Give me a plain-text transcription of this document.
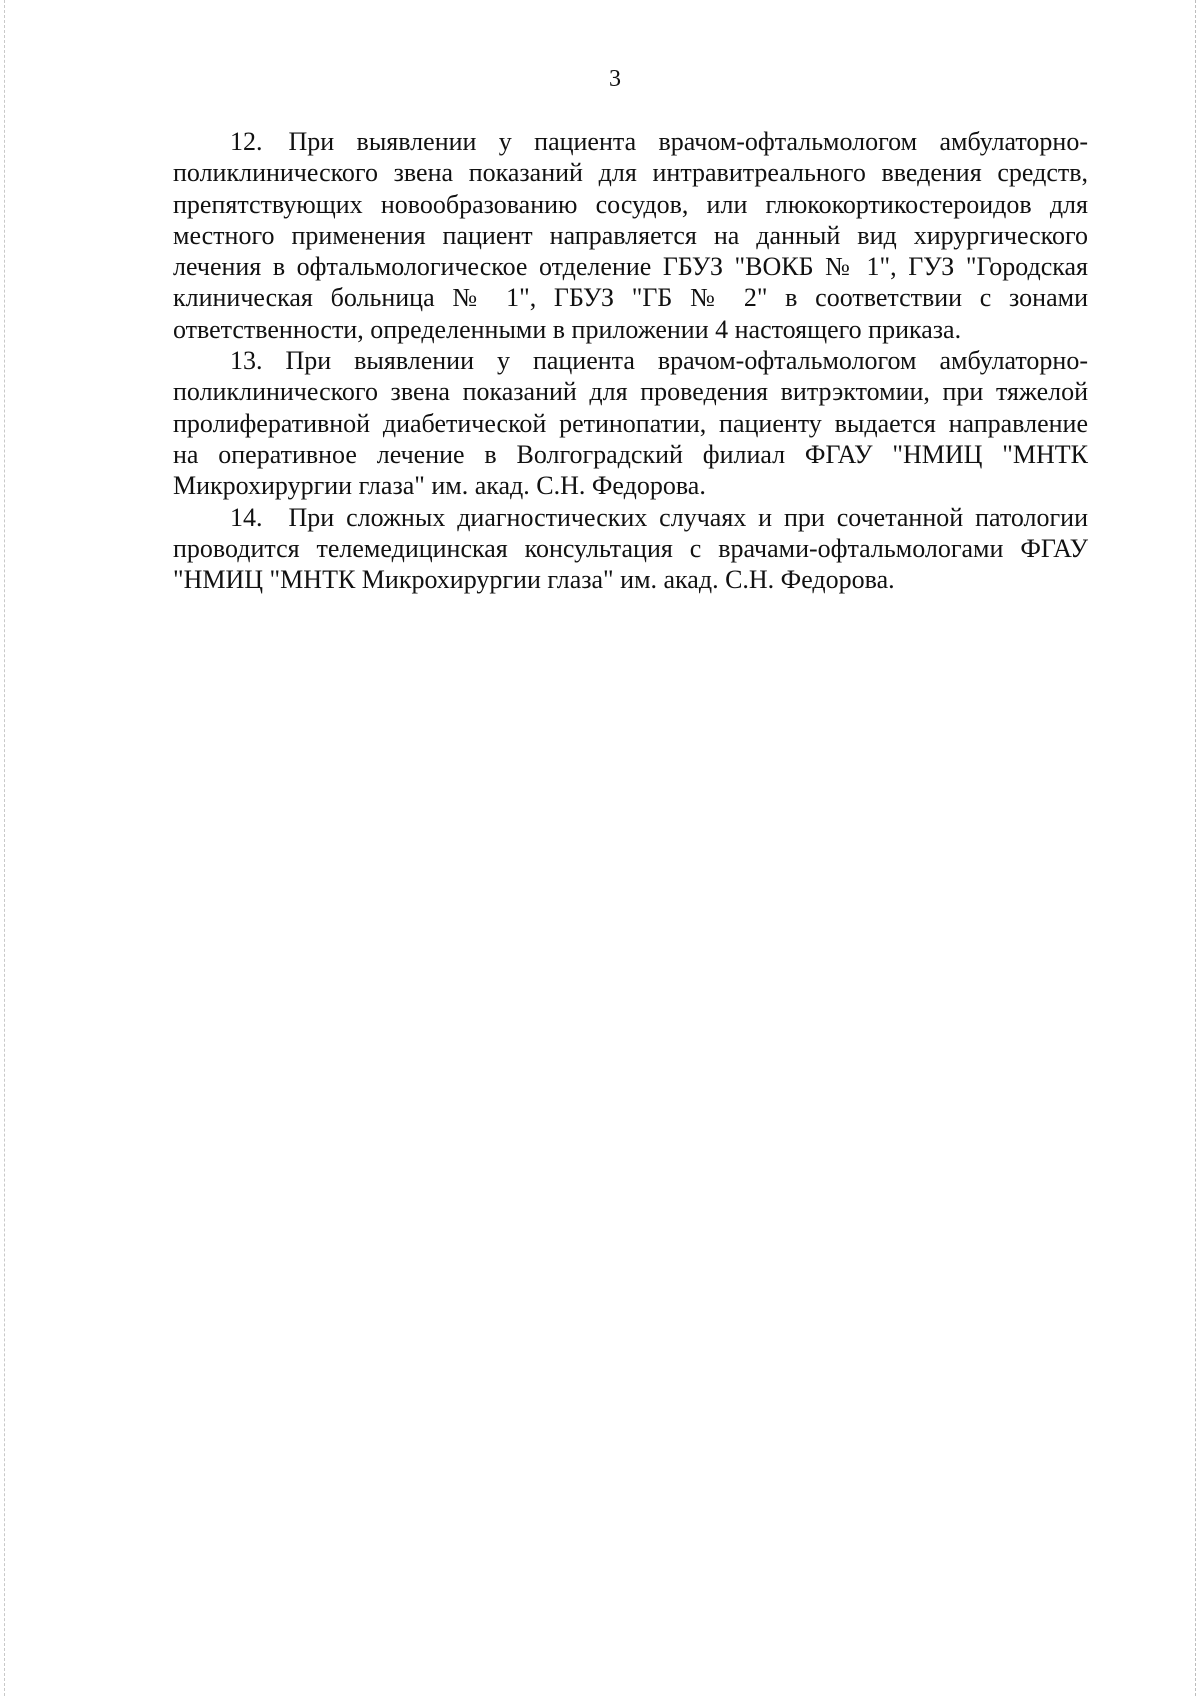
3

12. При выявлении у пациента врачом-офтальмологом амбулаторно-поликлинического звена показаний для интравитреального введения средств, препятствующих новообразованию сосудов, или глюкокортикостероидов для местного применения пациент направляется на данный вид хирургического лечения в офтальмологическое отделение ГБУЗ "ВОКБ № 1", ГУЗ "Городская клиническая больница № 1", ГБУЗ "ГБ № 2" в соответствии с зонами ответственности, определенными в приложении 4 настоящего приказа.

13. При выявлении у пациента врачом-офтальмологом амбулаторно-поликлинического звена показаний для проведения витрэктомии, при тяжелой пролиферативной диабетической ретинопатии, пациенту выдается направление на оперативное лечение в Волгоградский филиал ФГАУ "НМИЦ "МНТК Микрохирургии глаза" им. акад. С.Н. Федорова.

14. При сложных диагностических случаях и при сочетанной патологии проводится телемедицинская консультация с врачами-офтальмологами ФГАУ "НМИЦ "МНТК Микрохирургии глаза" им. акад. С.Н. Федорова.
